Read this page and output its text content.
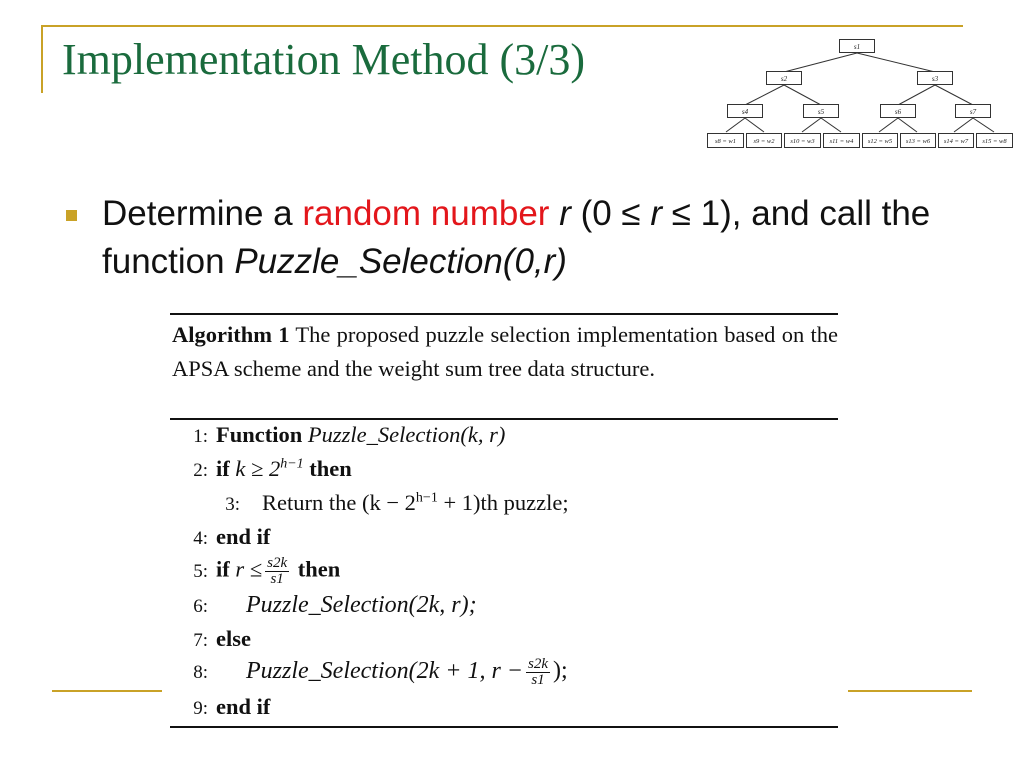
Implementation Method (3/3)	s1
s2	s3
s4	s5	s6	s7
s8 = w1	s9 = w2	s10 = w3	s11 = w4	s12 = w5	s13 = w6	s14 = w7	s15 = w8
Determine a random number r (0 ≤ r ≤ 1), and call the function Puzzle_Selection(0,r)
Algorithm 1 The proposed puzzle selection implementation based on the APSA scheme and the weight sum tree data structure.
1: Function Puzzle_Selection(k, r)
2: if $k \ge 2^{h-1}$ then
3: Return the $(k - 2^{h-1} + 1)th$ puzzle;
4: end if
5: if $r \le \frac{s2k}{s1}$ then
6: Puzzle_Selection(2k, r);
7: else
8: Puzzle_Selection(2k + 1, $r - \frac{s2k}{s1}$ );
9: end if
